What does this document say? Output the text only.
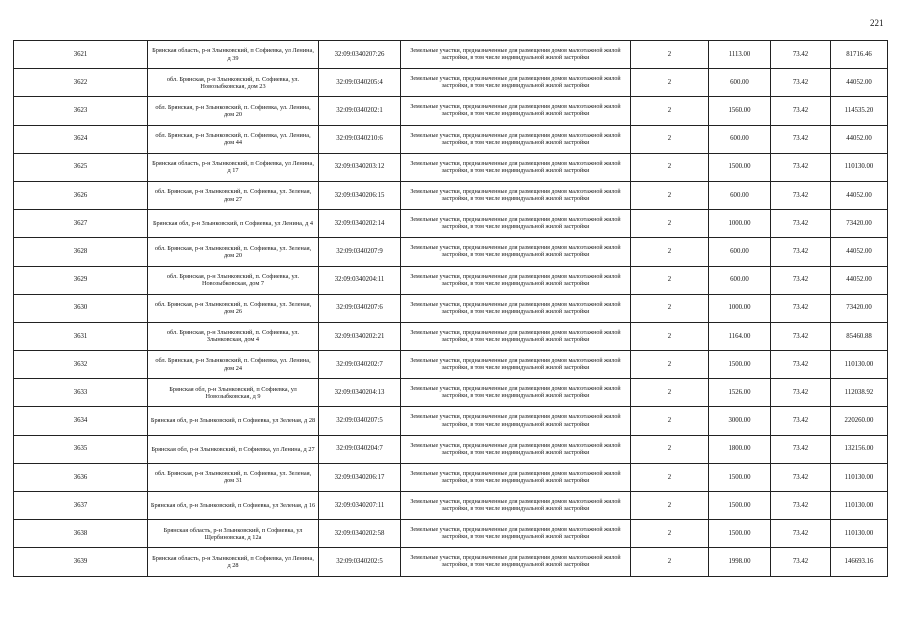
221
3621	Брянская область, р-н Злынковский, п Софиевка, ул Ленина, д 39	32:09:0340207:26	Земельные участки, предназначенные для размещения домов малоэтажной жилой застройки, в том числе индивидуальной жилой застройки	2	1113.00	73.42	81716.46
3622	обл. Брянская, р-н Злынковский, п. Софиевка, ул. Новозыбковская, дом 23	32:09:0340205:4	Земельные участки, предназначенные для размещения домов малоэтажной жилой застройки, в том числе индивидуальной жилой застройки	2	600.00	73.42	44052.00
3623	обл. Брянская, р-н Злынковский, п. Софиевка, ул. Ленина, дом 20	32:09:0340202:1	Земельные участки, предназначенные для размещения домов малоэтажной жилой застройки, в том числе индивидуальной жилой застройки	2	1560.00	73.42	114535.20
3624	обл. Брянская, р-н Злынковский, п. Софиевка, ул. Ленина, дом 44	32:09:0340210:6	Земельные участки, предназначенные для размещения домов малоэтажной жилой застройки, в том числе индивидуальной жилой застройки	2	600.00	73.42	44052.00
3625	Брянская область, р-н Злынковский, п Софиевка, ул Ленина, д 17	32:09:0340203:12	Земельные участки, предназначенные для размещения домов малоэтажной жилой застройки, в том числе индивидуальной жилой застройки	2	1500.00	73.42	110130.00
3626	обл. Брянская, р-н Злынковский, п. Софиевка, ул. Зеленая, дом 27	32:09:0340206:15	Земельные участки, предназначенные для размещения домов малоэтажной жилой застройки, в том числе индивидуальной жилой застройки	2	600.00	73.42	44052.00
3627	Брянская обл, р-н Злынковский, п Софиевка, ул Ленина, д 4	32:09:0340202:14	Земельные участки, предназначенные для размещения домов малоэтажной жилой застройки, в том числе индивидуальной жилой застройки	2	1000.00	73.42	73420.00
3628	обл. Брянская, р-н Злынковский, п. Софиевка, ул. Зеленая, дом 20	32:09:0340207:9	Земельные участки, предназначенные для размещения домов малоэтажной жилой застройки, в том числе индивидуальной жилой застройки	2	600.00	73.42	44052.00
3629	обл. Брянская, р-н Злынковский, п. Софиевка, ул. Новозыбковская, дом 7	32:09:0340204:11	Земельные участки, предназначенные для размещения домов малоэтажной жилой застройки, в том числе индивидуальной жилой застройки	2	600.00	73.42	44052.00
3630	обл. Брянская, р-н Злынковский, п. Софиевка, ул. Зеленая, дом 26	32:09:0340207:6	Земельные участки, предназначенные для размещения домов малоэтажной жилой застройки, в том числе индивидуальной жилой застройки	2	1000.00	73.42	73420.00
3631	обл. Брянская, р-н Злынковский, п. Софиевка, ул. Злынковская, дом 4	32:09:0340202:21	Земельные участки, предназначенные для размещения домов малоэтажной жилой застройки, в том числе индивидуальной жилой застройки	2	1164.00	73.42	85460.88
3632	обл. Брянская, р-н Злынковский, п. Софиевка, ул. Ленина, дом 24	32:09:0340202:7	Земельные участки, предназначенные для размещения домов малоэтажной жилой застройки, в том числе индивидуальной жилой застройки	2	1500.00	73.42	110130.00
3633	Брянская обл, р-н Злынковский, п Софиевка, ул Новозыбковская, д 9	32:09:0340204:13	Земельные участки, предназначенные для размещения домов малоэтажной жилой застройки, в том числе индивидуальной жилой застройки	2	1526.00	73.42	112038.92
3634	Брянская обл, р-н Злынковский, п Софиевка, ул Зеленая, д 28	32:09:0340207:5	Земельные участки, предназначенные для размещения домов малоэтажной жилой застройки, в том числе индивидуальной жилой застройки	2	3000.00	73.42	220260.00
3635	Брянская обл, р-н Злынковский, п Софиевка, ул Ленина, д 27	32:09:0340204:7	Земельные участки, предназначенные для размещения домов малоэтажной жилой застройки, в том числе индивидуальной жилой застройки	2	1800.00	73.42	132156.00
3636	обл. Брянская, р-н Злынковский, п. Софиевка, ул. Зеленая, дом 31	32:09:0340206:17	Земельные участки, предназначенные для размещения домов малоэтажной жилой застройки, в том числе индивидуальной жилой застройки	2	1500.00	73.42	110130.00
3637	Брянская обл, р-н Злынковский, п Софиевка, ул Зеленая, д 16	32:09:0340207:11	Земельные участки, предназначенные для размещения домов малоэтажной жилой застройки, в том числе индивидуальной жилой застройки	2	1500.00	73.42	110130.00
3638	Брянская область, р-н Злынковский, п Софиевка, ул Щербиновская, д 12а	32:09:0340202:58	Земельные участки, предназначенные для размещения домов малоэтажной жилой застройки, в том числе индивидуальной жилой застройки	2	1500.00	73.42	110130.00
3639	Брянская область, р-н Злынковский, п Софиевка, ул Ленина, д 28	32:09:0340202:5	Земельные участки, предназначенные для размещения домов малоэтажной жилой застройки, в том числе индивидуальной жилой застройки	2	1998.00	73.42	146693.16
